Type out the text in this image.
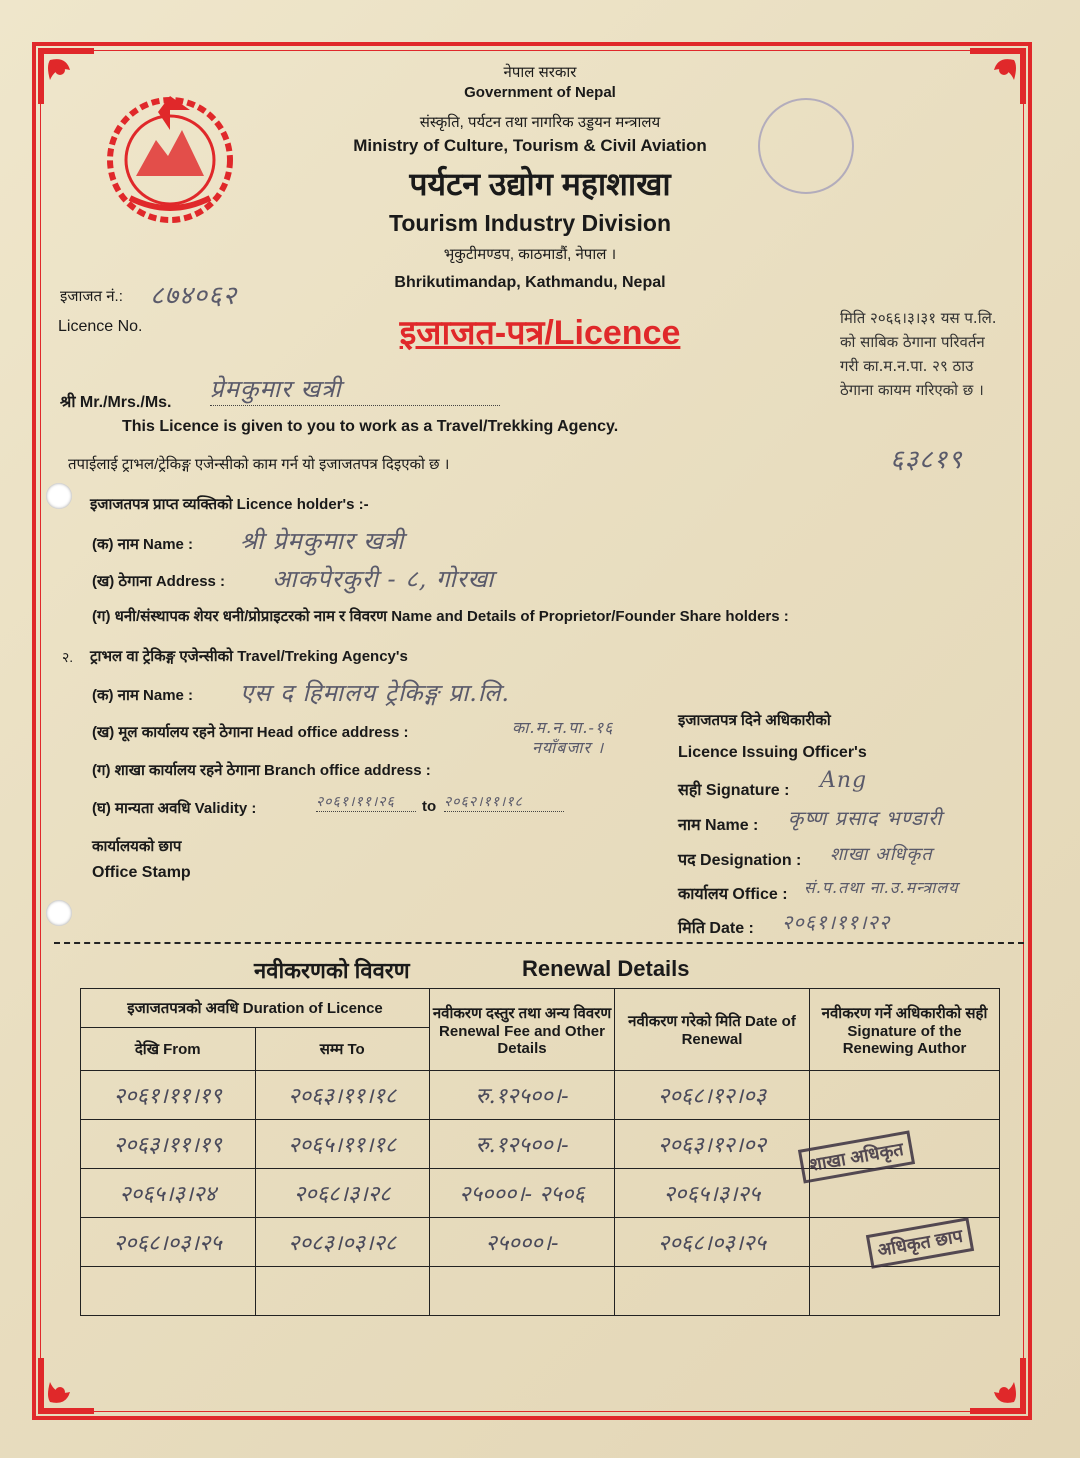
नेपाल सरकार
Government of Nepal
संस्कृति, पर्यटन तथा नागरिक उड्डयन मन्त्रालय
Ministry of Culture, Tourism & Civil Aviation
पर्यटन उद्योग महाशाखा
Tourism Industry Division
भृकुटीमण्डप, काठमाडौं, नेपाल ।
Bhrikutimandap, Kathmandu, Nepal
इजाजत-पत्र/Licence
इजाजत नं.: ८७४०६२
Licence No.	मिति २०६६।३।३१ यस प.लि.
को साबिक ठेगाना परिवर्तन
गरी का.म.न.पा. २९ ठाउ
ठेगाना कायम गरिएको छ ।
६३८१९
श्री Mr./Mrs./Ms. प्रेमकुमार खत्री
This Licence is given to you to work as a Travel/Trekking Agency.
तपाईलाई ट्राभल/ट्रेकिङ्ग एजेन्सीको काम गर्न यो इजाजतपत्र दिइएको छ ।
इजाजतपत्र प्राप्त व्यक्तिको Licence holder's :-
(क) नाम Name : श्री प्रेमकुमार खत्री
(ख) ठेगाना Address : आकपेरकुरी - ८, गोरखा
(ग) धनी/संस्थापक शेयर धनी/प्रोप्राइटरको नाम र विवरण Name and Details of Proprietor/Founder Share holders :
२. ट्राभल वा ट्रेकिङ्ग एजेन्सीको Travel/Treking Agency's
(क) नाम Name : एस द हिमालय ट्रेकिङ्ग प्रा.लि.
(ख) मूल कार्यालय रहने ठेगाना Head office address :	का.म.न.पा.-१६
नयाँबजार ।
(ग) शाखा कार्यालय रहने ठेगाना Branch office address :
(घ) मान्यता अवधि Validity :	२०६१।११।२६	to २०६२।११।१८
कार्यालयको छाप
Office Stamp
इजाजतपत्र दिने अधिकारीको
Licence Issuing Officer's
सही Signature : Ang
नाम Name : कृष्ण प्रसाद भण्डारी
पद Designation : शाखा अधिकृत
कार्यालय Office : सं.प.तथा ना.उ.मन्त्रालय
मिति Date : २०६१।११।२२
नवीकरणको विवरण	Renewal Details
इजाजतपत्रको अवधि Duration of Licence		नवीकरण दस्तुर तथा अन्य विवरण Renewal Fee and Other Details	नवीकरण गरेको मिति Date of Renewal	नवीकरण गर्ने अधिकारीको सही Signature of the Renewing Author
देखि From	सम्म To			
२०६१।११।१९	२०६३।११।१८	रु.१२५००।-	२०६८।१२।०३	
२०६३।११।१९	२०६५।११।१८	रु.१२५००।-	२०६३।१२।०२	
२०६५।३।२४	२०६८।३।२८	२५०००।- २५०६	२०६५।३।२५	
२०६८।०३।२५	२०८३।०३।२८	२५०००।-	२०६८।०३।२५	

शाखा अधिकृत
अधिकृत छाप
